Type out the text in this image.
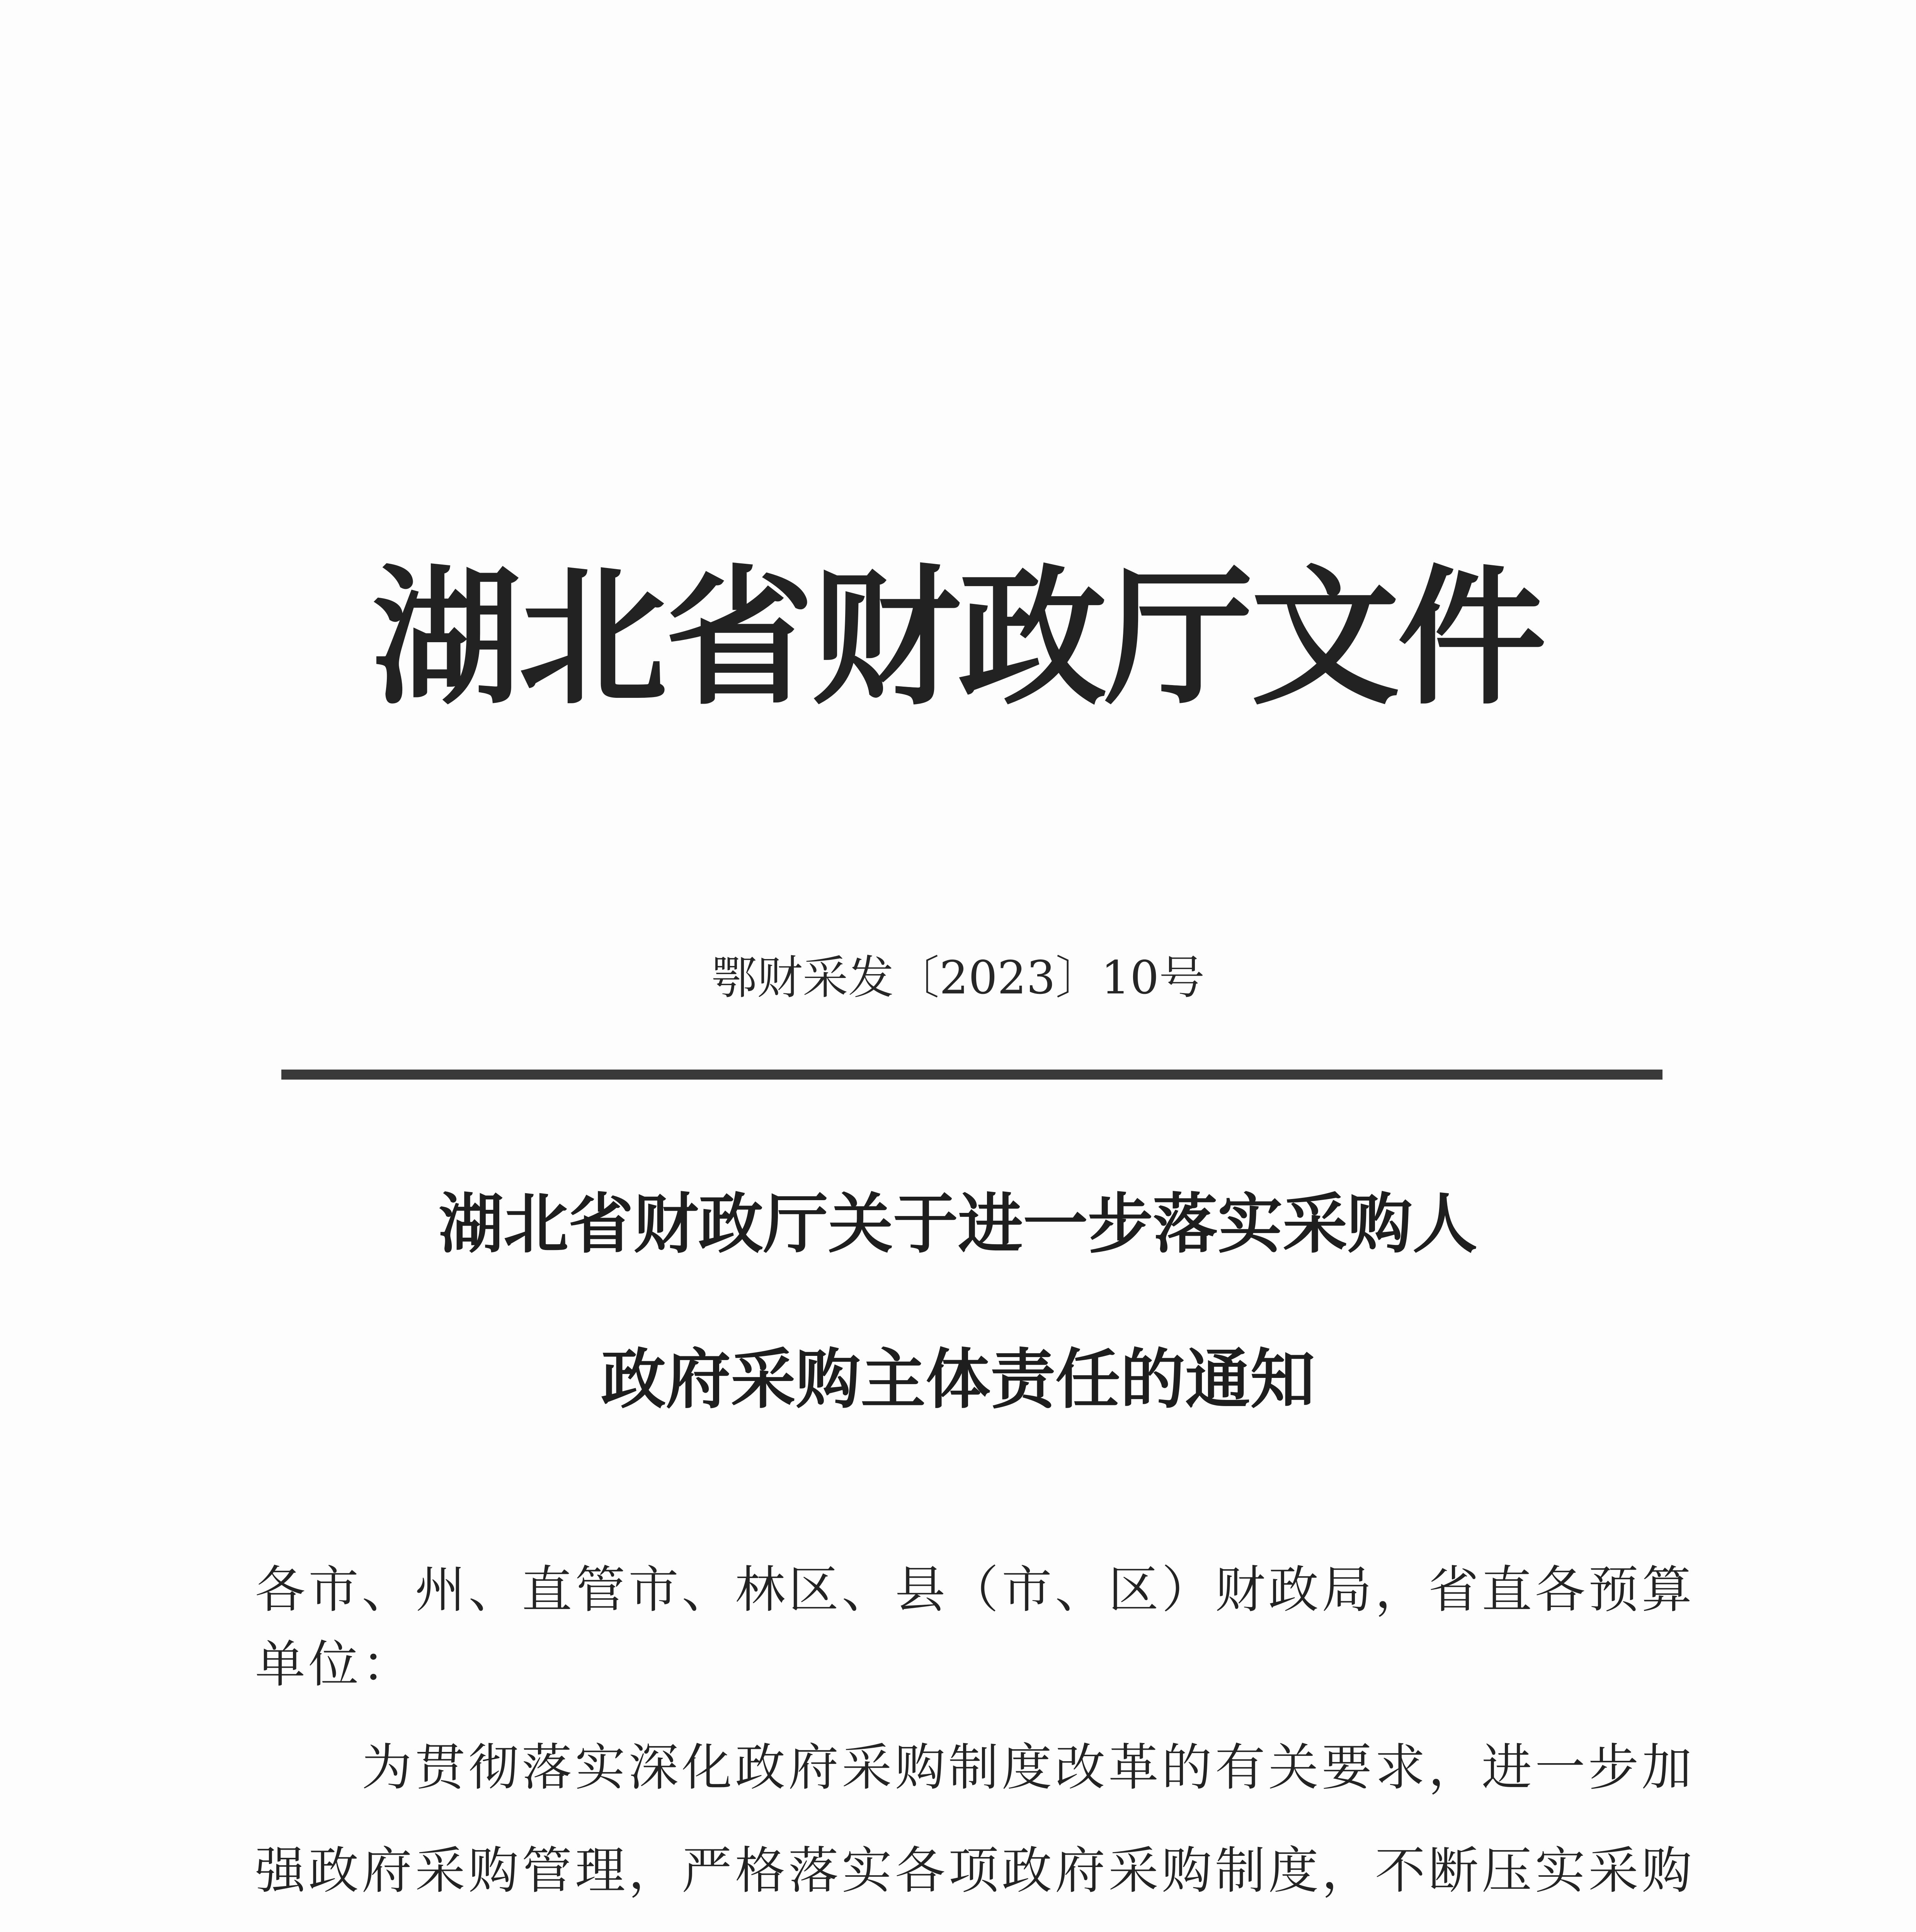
湖北省财政厅文件
鄂财采发〔2023〕10号
湖北省财政厅关于进一步落实采购人
政府采购主体责任的通知
各市、州、直管市、林区、县（市、区）财政局，省直各预算
单位：
　　为贯彻落实深化政府采购制度改革的有关要求，进一步加
强政府采购管理，严格落实各项政府采购制度，不断压实采购
